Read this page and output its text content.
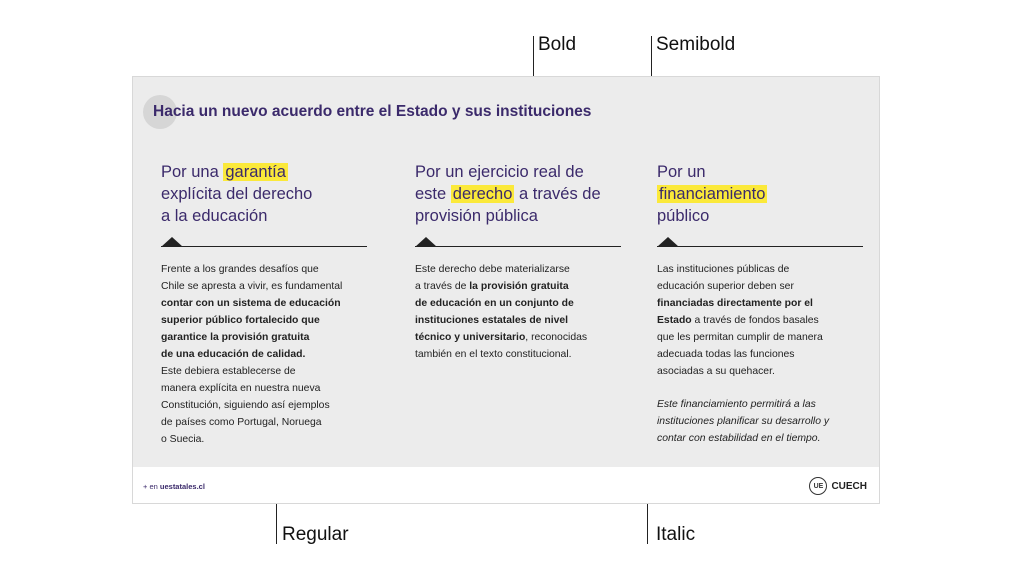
Bold	Semibold
Regular	Italic
Hacia un nuevo acuerdo entre el Estado y sus instituciones
Por una garantía
explícita del derecho
a la educación

Frente a los grandes desafíos que

Chile se apresta a vivir, es fundamental

contar con un sistema de educación

superior público fortalecido que

garantice la provisión gratuita

de una educación de calidad.

Este debiera establecerse de

manera explícita en nuestra nueva

Constitución, siguiendo así ejemplos

de países como Portugal, Noruega

o Suecia.

Por un ejercicio real de
este derecho a través de
provisión pública

Este derecho debe materializarse

a través de la provisión gratuita

de educación en un conjunto de

instituciones estatales de nivel

técnico y universitario, reconocidas

también en el texto constitucional.

Por un
financiamiento
público

Las instituciones públicas de

educación superior deben ser

financiadas directamente por el

Estado a través de fondos basales

que les permitan cumplir de manera

adecuada todas las funciones

asociadas a su quehacer.

Este financiamiento permitirá a las

instituciones planificar su desarrollo y

contar con estabilidad en el tiempo.

+ en uestatales.cl	UE CUECH
